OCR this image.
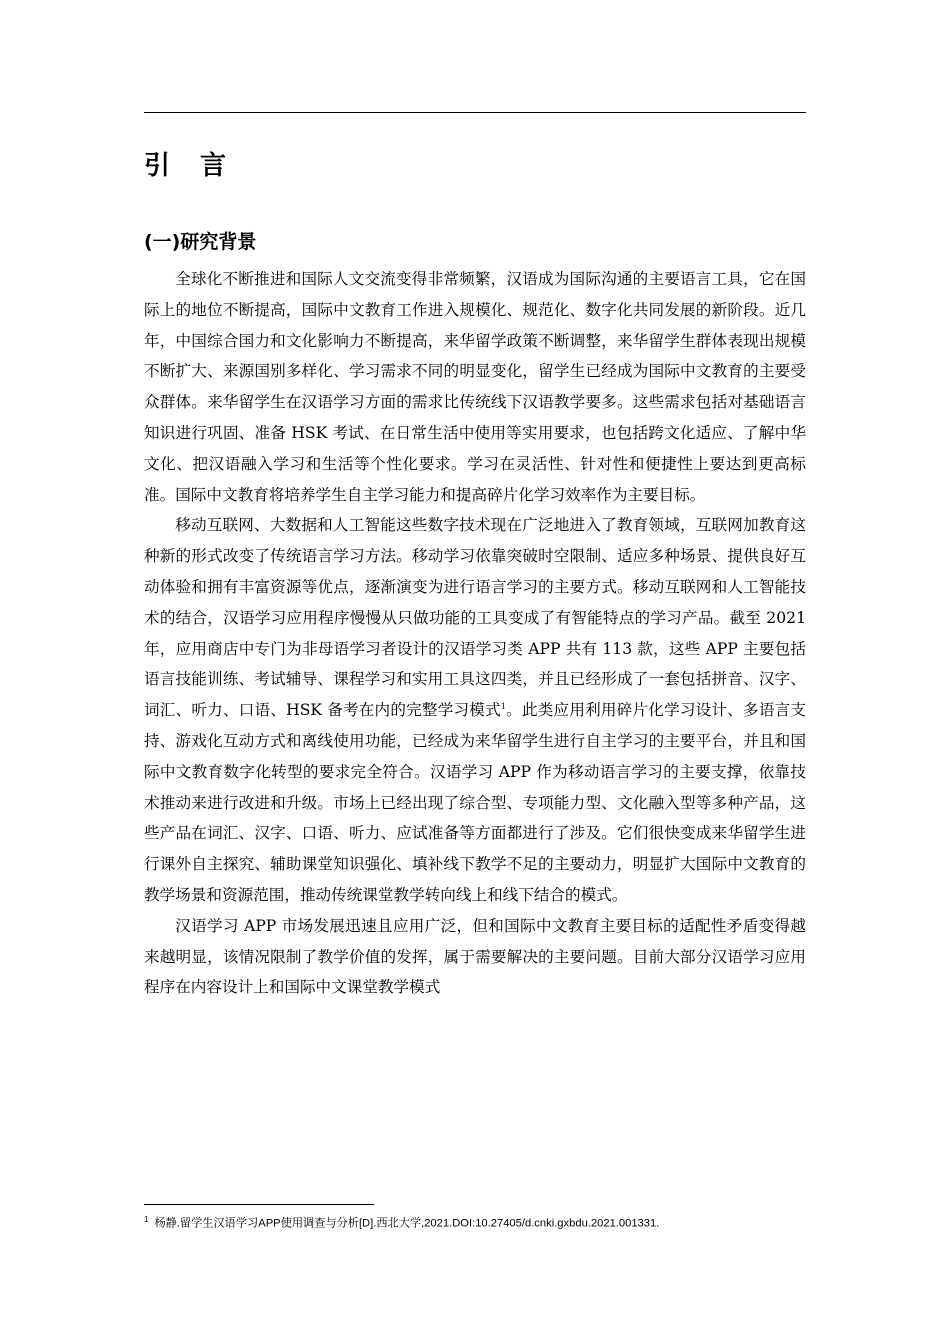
引言
(一)研究背景

全球化不断推进和国际人文交流变得非常频繁，汉语成为国际沟通的主要语言工具，它在国际上的地位不断提高，国际中文教育工作进入规模化、规范化、数字化共同发展的新阶段。近几年，中国综合国力和文化影响力不断提高，来华留学政策不断调整，来华留学生群体表现出规模不断扩大、来源国别多样化、学习需求不同的明显变化，留学生已经成为国际中文教育的主要受众群体。来华留学生在汉语学习方面的需求比传统线下汉语教学要多。这些需求包括对基础语言知识进行巩固、准备 HSK 考试、在日常生活中使用等实用要求，也包括跨文化适应、了解中华文化、把汉语融入学习和生活等个性化要求。学习在灵活性、针对性和便捷性上要达到更高标准。国际中文教育将培养学生自主学习能力和提高碎片化学习效率作为主要目标。

移动互联网、大数据和人工智能这些数字技术现在广泛地进入了教育领域，互联网加教育这种新的形式改变了传统语言学习方法。移动学习依靠突破时空限制、适应多种场景、提供良好互动体验和拥有丰富资源等优点，逐渐演变为进行语言学习的主要方式。移动互联网和人工智能技术的结合，汉语学习应用程序慢慢从只做功能的工具变成了有智能特点的学习产品。截至 2021 年，应用商店中专门为非母语学习者设计的汉语学习类 APP 共有 113 款，这些 APP 主要包括语言技能训练、考试辅导、课程学习和实用工具这四类，并且已经形成了一套包括拼音、汉字、词汇、听力、口语、HSK 备考在内的完整学习模式$^1$。此类应用利用碎片化学习设计、多语言支持、游戏化互动方式和离线使用功能，已经成为来华留学生进行自主学习的主要平台，并且和国际中文教育数字化转型的要求完全符合。汉语学习 APP 作为移动语言学习的主要支撑，依靠技术推动来进行改进和升级。市场上已经出现了综合型、专项能力型、文化融入型等多种产品，这些产品在词汇、汉字、口语、听力、应试准备等方面都进行了涉及。它们很快变成来华留学生进行课外自主探究、辅助课堂知识强化、填补线下教学不足的主要动力，明显扩大国际中文教育的教学场景和资源范围，推动传统课堂教学转向线上和线下结合的模式。

汉语学习 APP 市场发展迅速且应用广泛，但和国际中文教育主要目标的适配性矛盾变得越来越明显，该情况限制了教学价值的发挥，属于需要解决的主要问题。目前大部分汉语学习应用程序在内容设计上和国际中文课堂教学模式

$^1$ 杨静.留学生汉语学习APP使用调查与分析[D].西北大学,2021.DOI:10.27405/d.cnki.gxbdu.2021.001331.
